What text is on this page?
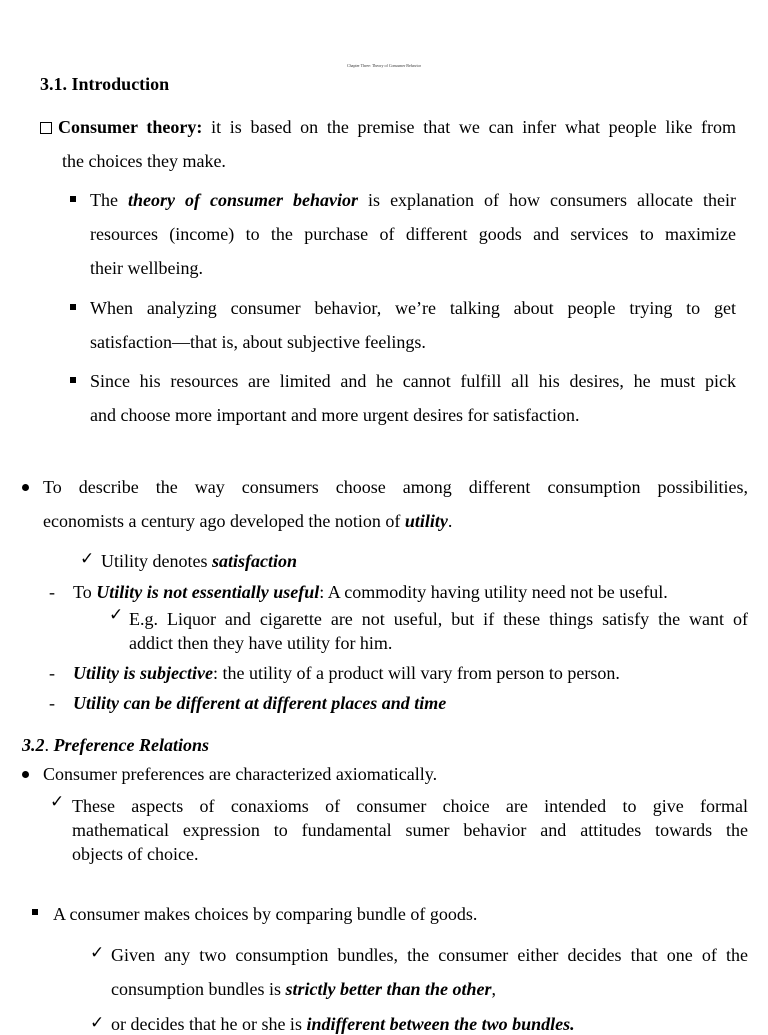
Chapter Three: Theory of Consumer Behavior
3.1. Introduction
Consumer theory: it is based on the premise that we can infer what people like from
the choices they make.
The theory of consumer behavior is explanation of how consumers allocate their
resources (income) to the purchase of different goods and services to maximize
their wellbeing.
When analyzing consumer behavior, we’re talking about people trying to get
satisfaction—that is, about subjective feelings.
Since his resources are limited and he cannot fulfill all his desires, he must pick
and choose more important and more urgent desires for satisfaction.
To describe the way consumers choose among different consumption possibilities,
economists a century ago developed the notion of utility.
✓ Utility denotes satisfaction
- To Utility is not essentially useful: A commodity having utility need not be useful.
✓ E.g. Liquor and cigarette are not useful, but if these things satisfy the want of
addict then they have utility for him.
- Utility is subjective: the utility of a product will vary from person to person.
- Utility can be different at different places and time
3.2. Preference Relations
Consumer preferences are characterized axiomatically.
✓ These aspects of conaxioms of consumer choice are intended to give formal
mathematical expression to fundamental sumer behavior and attitudes towards the
objects of choice.
A consumer makes choices by comparing bundle of goods.
✓ Given any two consumption bundles, the consumer either decides that one of the
consumption bundles is strictly better than the other,
✓ or decides that he or she is indifferent between the two bundles.
